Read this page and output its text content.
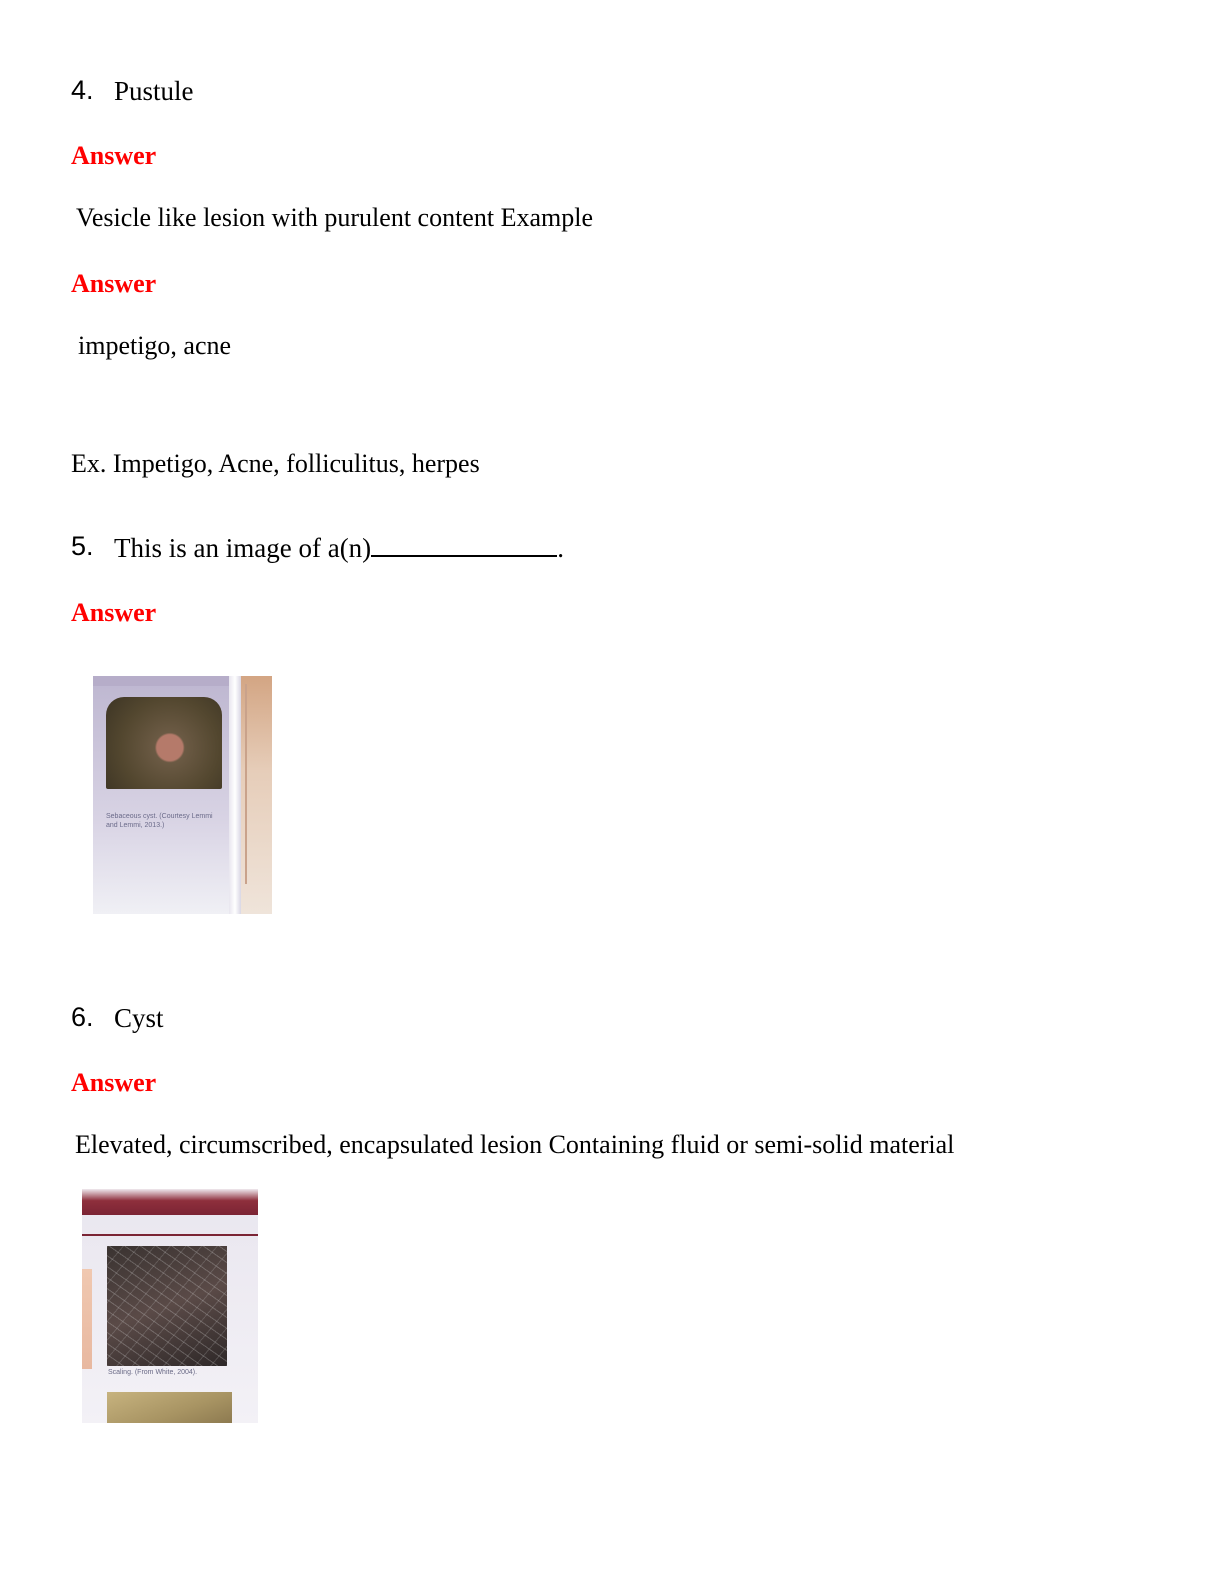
4. Pustule
Answer
Vesicle like lesion with purulent content Example
Answer
impetigo, acne
Ex. Impetigo, Acne, folliculitus, herpes
5. This is an image of a(n)	.
Answer
Sebaceous cyst. (Courtesy Lemmi and Lemmi, 2013.)
6. Cyst
Answer
Elevated, circumscribed, encapsulated lesion Containing fluid or semi-solid material
Scaling. (From White, 2004).
